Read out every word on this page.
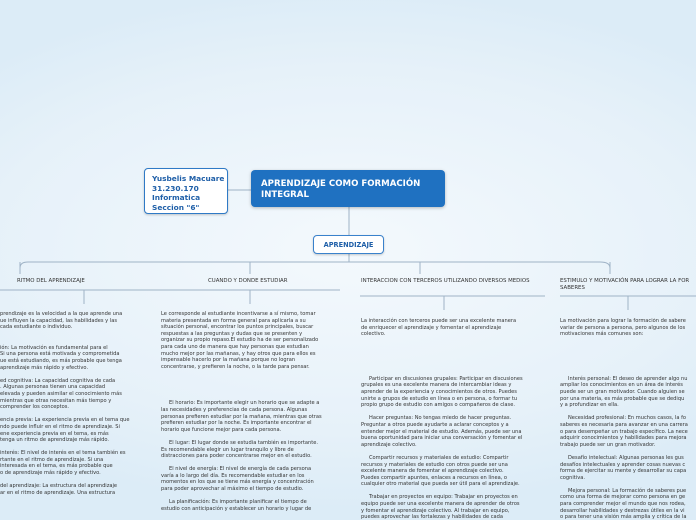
Yusbelis Macuare
31.230.170
Informatica
Seccion "6"
APRENDIZAJE COMO FORMACIÓN INTEGRAL
APRENDIZAJE
RITMO DEL APRENDIZAJE

prendizaje es la velocidad a la que aprende una
ue influyen la capacidad, las habilidades y las
cada estudiante o individuo.

ión: La motivación es fundamental para el
Si una persona está motivada y comprometida
ue está estudiando, es más probable que tenga
aprendizaje más rápido y efectivo.

ed cognitiva: La capacidad cognitiva de cada
. Algunas personas tienen una capacidad
elevada y pueden asimilar el conocimiento más
mientras que otras necesitan más tiempo y
comprender los conceptos.

encia previa: La experiencia previa en el tema que
ndo puede influir en el ritmo de aprendizaje. Si
ene experiencia previa en el tema, es más
tenga un ritmo de aprendizaje más rápido.

interés: El nivel de interés en el tema también es
rtante en el ritmo de aprendizaje. Si una
interesada en el tema, es más probable que
o de aprendizaje más rápido y efectivo.

del aprendizaje: La estructura del aprendizaje
ar en el ritmo de aprendizaje. Una estructura

CUANDO Y DONDE ESTUDIAR

Le corresponde al estudiante incentivarse a sí mismo, tomar
materia presentada en forma general para aplicarla a su
situación personal, encontrar los puntos principales, buscar
respuestas a las preguntas y dudas que se presenten y
organizar su propio repaso.El estudio ha de ser personalizado
para cada uno de manera que hay personas que estudian
mucho mejor por las mañanas, y hay otros que para ellos es
impensable hacerlo por la mañana porque no logran
concentrarse, y prefieren la noche, o la tarde para pensar.

El horario: Es importante elegir un horario que se adapte a
las necesidades y preferencias de cada persona. Algunas
personas prefieren estudiar por la mañana, mientras que otras
prefieren estudiar por la noche. Es importante encontrar el
horario que funcione mejor para cada persona.

El lugar: El lugar donde se estudia también es importante.
Es recomendable elegir un lugar tranquilo y libre de
distracciones para poder concentrarse mejor en el estudio.

El nivel de energía: El nivel de energía de cada persona
varía a lo largo del día. Es recomendable estudiar en los
momentos en los que se tiene más energía y concentración
para poder aprovechar al máximo el tiempo de estudio.

La planificación: Es importante planificar el tiempo de
estudio con anticipación y establecer un horario y lugar de

INTERACCION CON TERCEROS UTILIZANDO DIVERSOS MEDIOS

La interacción con terceros puede ser una excelente manera
de enriquecer el aprendizaje y fomentar el aprendizaje
colectivo.

Participar en discusiones grupales: Participar en discusiones
grupales es una excelente manera de intercambiar ideas y
aprender de la experiencia y conocimientos de otros. Puedes
unirte a grupos de estudio en línea o en persona, o formar tu
propio grupo de estudio con amigos o compañeros de clase.

Hacer preguntas: No tengas miedo de hacer preguntas.
Preguntar a otros puede ayudarte a aclarar conceptos y a
entender mejor el material de estudio. Además, puede ser una
buena oportunidad para iniciar una conversación y fomentar el
aprendizaje colectivo.

Compartir recursos y materiales de estudio: Compartir
recursos y materiales de estudio con otros puede ser una
excelente manera de fomentar el aprendizaje colectivo.
Puedes compartir apuntes, enlaces a recursos en línea, o
cualquier otro material que pueda ser útil para el aprendizaje.

Trabajar en proyectos en equipo: Trabajar en proyectos en
equipo puede ser una excelente manera de aprender de otros
y fomentar el aprendizaje colectivo. Al trabajar en equipo,
puedes aprovechar las fortalezas y habilidades de cada

ESTIMULO Y MOTIVACIÓN PARA LOGRAR LA FOR SABERES

La motivación para lograr la formación de sabere
variar de persona a persona, pero algunos de los
motivaciones más comunes son:

Interés personal: El deseo de aprender algo nu
ampliar los conocimientos en un área de interés
puede ser un gran motivador. Cuando alguien se
por una materia, es más probable que se dediqu
y a profundizar en ella.

Necesidad profesional: En muchos casos, la fo
saberes es necesaria para avanzar en una carrera
o para desempeñar un trabajo específico. La nece
adquirir conocimientos y habilidades para mejora
trabajo puede ser un gran motivador.

Desafío intelectual: Algunas personas les gus
desafíos intelectuales y aprender cosas nuevas c
forma de ejercitar su mente y desarrollar su capa
cognitiva.

Mejora personal: La formación de saberes pue
como una forma de mejorar como persona en ge
para comprender mejor el mundo que nos rodea,
desarrollar habilidades y destrezas útiles en la vi
o para tener una visión más amplia y crítica de la
